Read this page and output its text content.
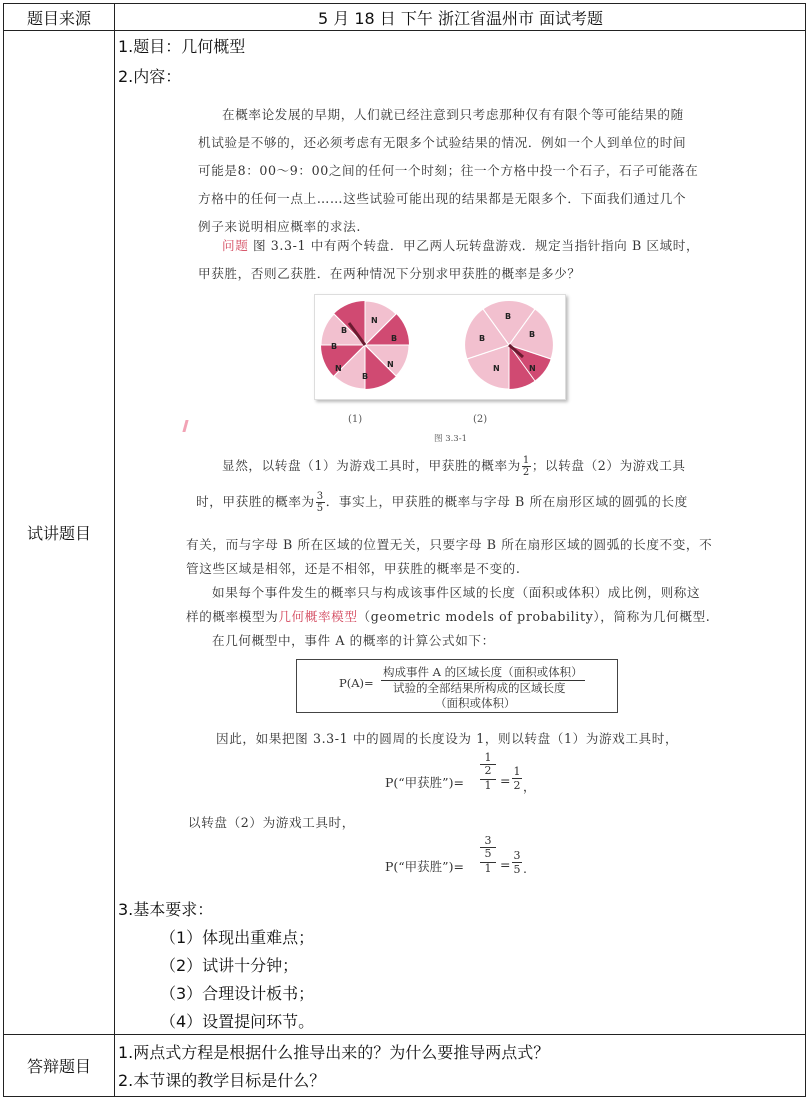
题目来源	5 月 18 日 下午 浙江省温州市 面试考题
试讲题目
答辩题目
1.题目：几何概型
2.内容：
在概率论发展的早期，人们就已经注意到只考虑那种仅有有限个等可能结果的随
机试验是不够的，还必须考虑有无限多个试验结果的情况．例如一个人到单位的时间
可能是8：00～9：00之间的任何一个时刻；往一个方格中投一个石子，石子可能落在
方格中的任何一点上……这些试验可能出现的结果都是无限多个．下面我们通过几个
例子来说明相应概率的求法.
问题 图 3.3-1 中有两个转盘．甲乙两人玩转盘游戏．规定当指针指向 B 区域时，
甲获胜，否则乙获胜．在两种情况下分别求甲获胜的概率是多少？
B
N
B
N
B
N
B
B
B
N
N
B
(1)	(2)
图 3.3-1
显然，以转盘（1）为游戏工具时，甲获胜的概率为 $\frac{1}{2}$ ；以转盘（2）为游戏工具
时，甲获胜的概率为 $\frac{3}{5}$ ．事实上，甲获胜的概率与字母 B 所在扇形区域的圆弧的长度
有关，而与字母 B 所在区域的位置无关，只要字母 B 所在扇形区域的圆弧的长度不变，不
管这些区域是相邻，还是不相邻，甲获胜的概率是不变的.
如果每个事件发生的概率只与构成该事件区域的长度（面积或体积）成比例，则称这
样的概率模型为几何概率模型（geometric models of probability），简称为几何概型.
在几何概型中，事件 A 的概率的计算公式如下：
P(A)=
构成事件 A 的区域长度（面积或体积）
试验的全部结果所构成的区域长度
（面积或体积）
因此，如果把图 3.3-1 中的圆周的长度设为 1，则以转盘（1）为游戏工具时，
P(“甲获胜”)=
1
2
1 =
1
2 ，
以转盘（2）为游戏工具时，
P(“甲获胜”)=
3
5
1 =
3
5 .
3.基本要求：
（1）体现出重难点；
（2）试讲十分钟；
（3）合理设计板书；
（4）设置提问环节。
1.两点式方程是根据什么推导出来的？为什么要推导两点式？
2.本节课的教学目标是什么？
